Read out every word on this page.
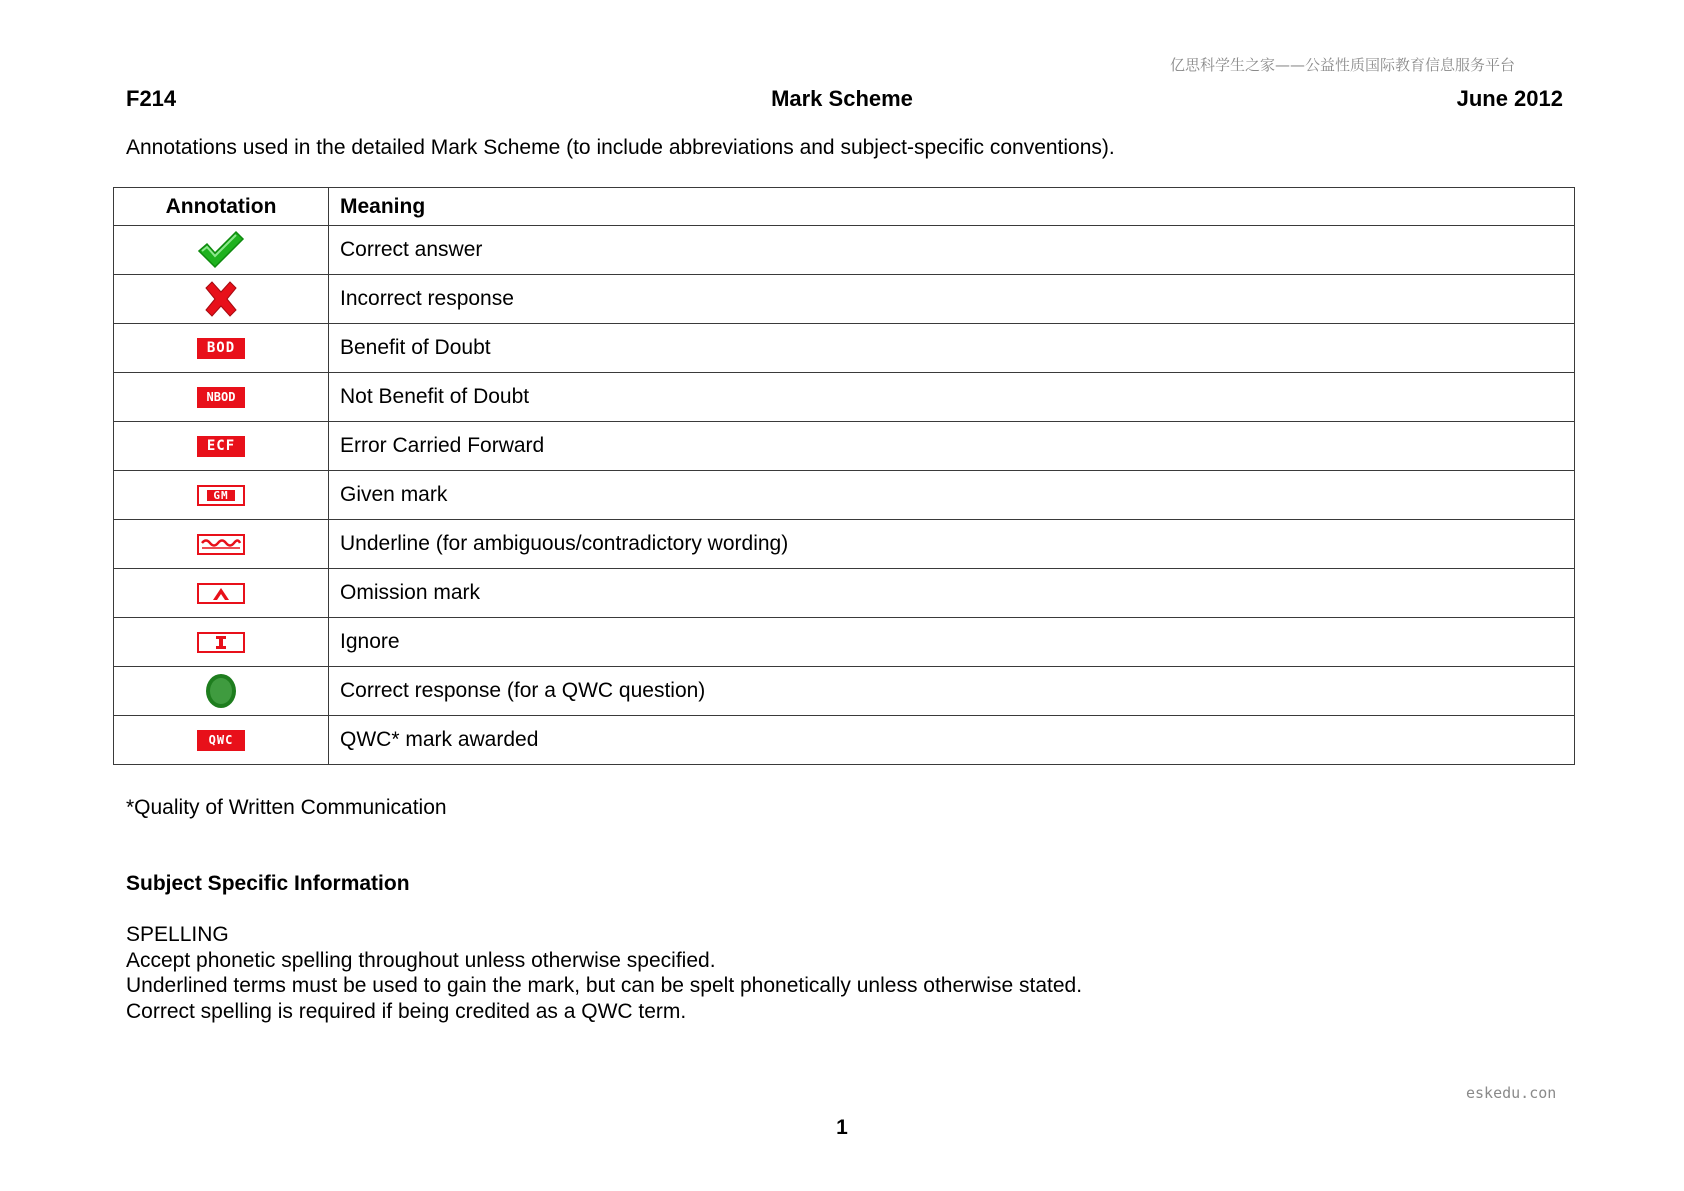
亿思科学生之家——公益性质国际教育信息服务平台
F214	Mark Scheme	June 2012
Annotations used in the detailed Mark Scheme (to include abbreviations and subject-specific conventions).
Annotation	Meaning
	Correct answer
	Incorrect response

BOD	Benefit of Doubt

NBOD	Not Benefit of Doubt

ECF	Error Carried Forward

GM	Given mark

	Underline (for ambiguous/contradictory wording)

	Omission mark

	Ignore
	Correct response (for a QWC question)

QWC	QWC* mark awarded
*Quality of Written Communication
Subject Specific Information
SPELLING
Accept phonetic spelling throughout unless otherwise specified.
Underlined terms must be used to gain the mark, but can be spelt phonetically unless otherwise stated.
Correct spelling is required if being credited as a QWC term.
eskedu.con
1
